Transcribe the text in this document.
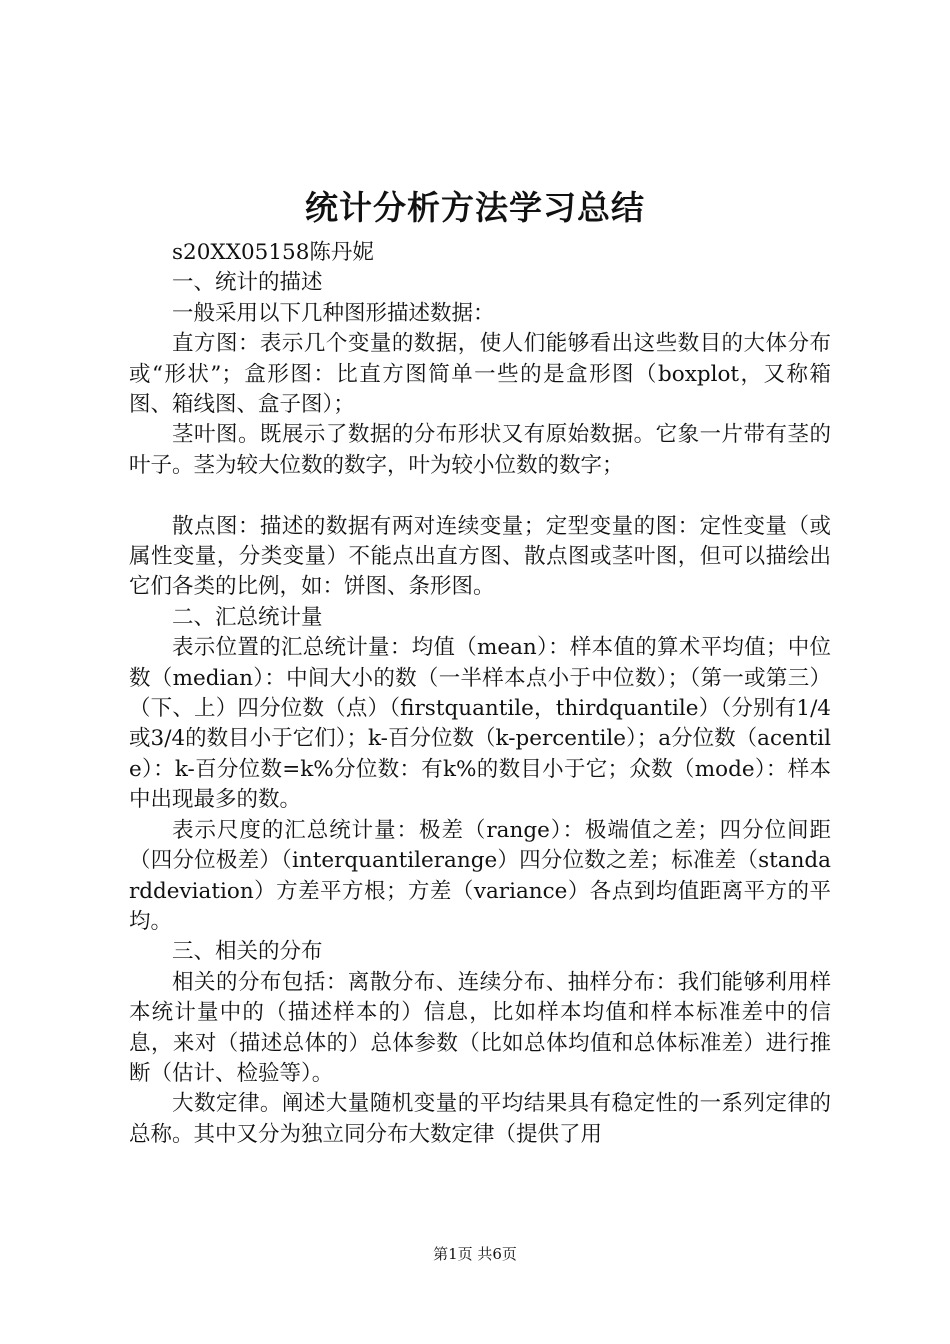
统计分析方法学习总结

s20XX05158陈丹妮

一、统计的描述

一般采用以下几种图形描述数据：

直方图：表示几个变量的数据，使人们能够看出这些数目的大体分布或“形状”；盒形图：比直方图简单一些的是盒形图（boxplot，又称箱图、箱线图、盒子图）；

茎叶图。既展示了数据的分布形状又有原始数据。它象一片带有茎的叶子。茎为较大位数的数字，叶为较小位数的数字；

散点图：描述的数据有两对连续变量；定型变量的图：定性变量（或属性变量，分类变量）不能点出直方图、散点图或茎叶图，但可以描绘出它们各类的比例，如：饼图、条形图。

二、汇总统计量

表示位置的汇总统计量：均值（mean）：样本值的算术平均值；中位数（median）：中间大小的数（一半样本点小于中位数）；（第一或第三）（下、上）四分位数（点）（firstquantile，thirdquantile）（分别有1/4或3/4的数目小于它们）；k-百分位数（k-percentile）；a分位数（acentile）：k-百分位数=k%分位数：有k%的数目小于它；众数（mode）：样本中出现最多的数。

表示尺度的汇总统计量：极差（range）：极端值之差；四分位间距（四分位极差）（interquantilerange）四分位数之差；标准差（standarddeviation）方差平方根；方差（variance）各点到均值距离平方的平均。

三、相关的分布

相关的分布包括：离散分布、连续分布、抽样分布：我们能够利用样本统计量中的（描述样本的）信息，比如样本均值和样本标准差中的信息，来对（描述总体的）总体参数（比如总体均值和总体标准差）进行推断（估计、检验等）。

大数定律。阐述大量随机变量的平均结果具有稳定性的一系列定律的总称。其中又分为独立同分布大数定律（提供了用

第1页 共6页
